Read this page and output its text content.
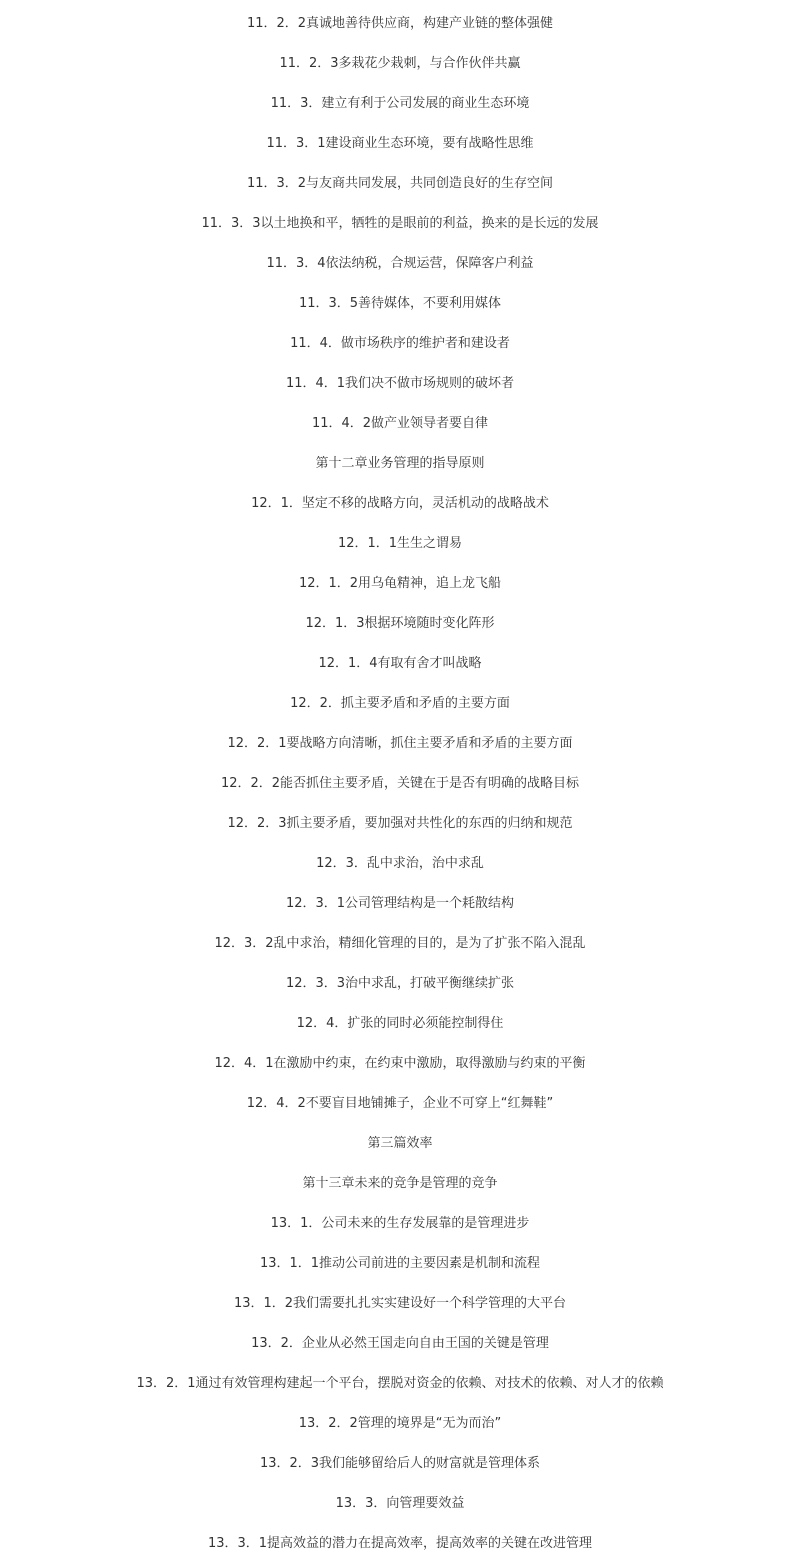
11．2．2真诚地善待供应商，构建产业链的整体强健
11．2．3多栽花少栽刺，与合作伙伴共赢
11．3．建立有利于公司发展的商业生态环境
11．3．1建设商业生态环境，要有战略性思维
11．3．2与友商共同发展，共同创造良好的生存空间
11．3．3以土地换和平，牺牲的是眼前的利益，换来的是长远的发展
11．3．4依法纳税，合规运营，保障客户利益
11．3．5善待媒体，不要利用媒体
11．4．做市场秩序的维护者和建设者
11．4．1我们决不做市场规则的破坏者
11．4．2做产业领导者要自律
第十二章业务管理的指导原则
12．1．坚定不移的战略方向，灵活机动的战略战术
12．1．1生生之谓易
12．1．2用乌龟精神，追上龙飞船
12．1．3根据环境随时变化阵形
12．1．4有取有舍才叫战略
12．2．抓主要矛盾和矛盾的主要方面
12．2．1要战略方向清晰，抓住主要矛盾和矛盾的主要方面
12．2．2能否抓住主要矛盾，关键在于是否有明确的战略目标
12．2．3抓主要矛盾，要加强对共性化的东西的归纳和规范
12．3．乱中求治，治中求乱
12．3．1公司管理结构是一个耗散结构
12．3．2乱中求治，精细化管理的目的，是为了扩张不陷入混乱
12．3．3治中求乱，打破平衡继续扩张
12．4．扩张的同时必须能控制得住
12．4．1在激励中约束，在约束中激励，取得激励与约束的平衡
12．4．2不要盲目地铺摊子，企业不可穿上“红舞鞋”
第三篇效率
第十三章未来的竞争是管理的竞争
13．1．公司未来的生存发展靠的是管理进步
13．1．1推动公司前进的主要因素是机制和流程
13．1．2我们需要扎扎实实建设好一个科学管理的大平台
13．2．企业从必然王国走向自由王国的关键是管理
13．2．1通过有效管理构建起一个平台，摆脱对资金的依赖、对技术的依赖、对人才的依赖
13．2．2管理的境界是“无为而治”
13．2．3我们能够留给后人的财富就是管理体系
13．3．向管理要效益
13．3．1提高效益的潜力在提高效率，提高效率的关键在改进管理
